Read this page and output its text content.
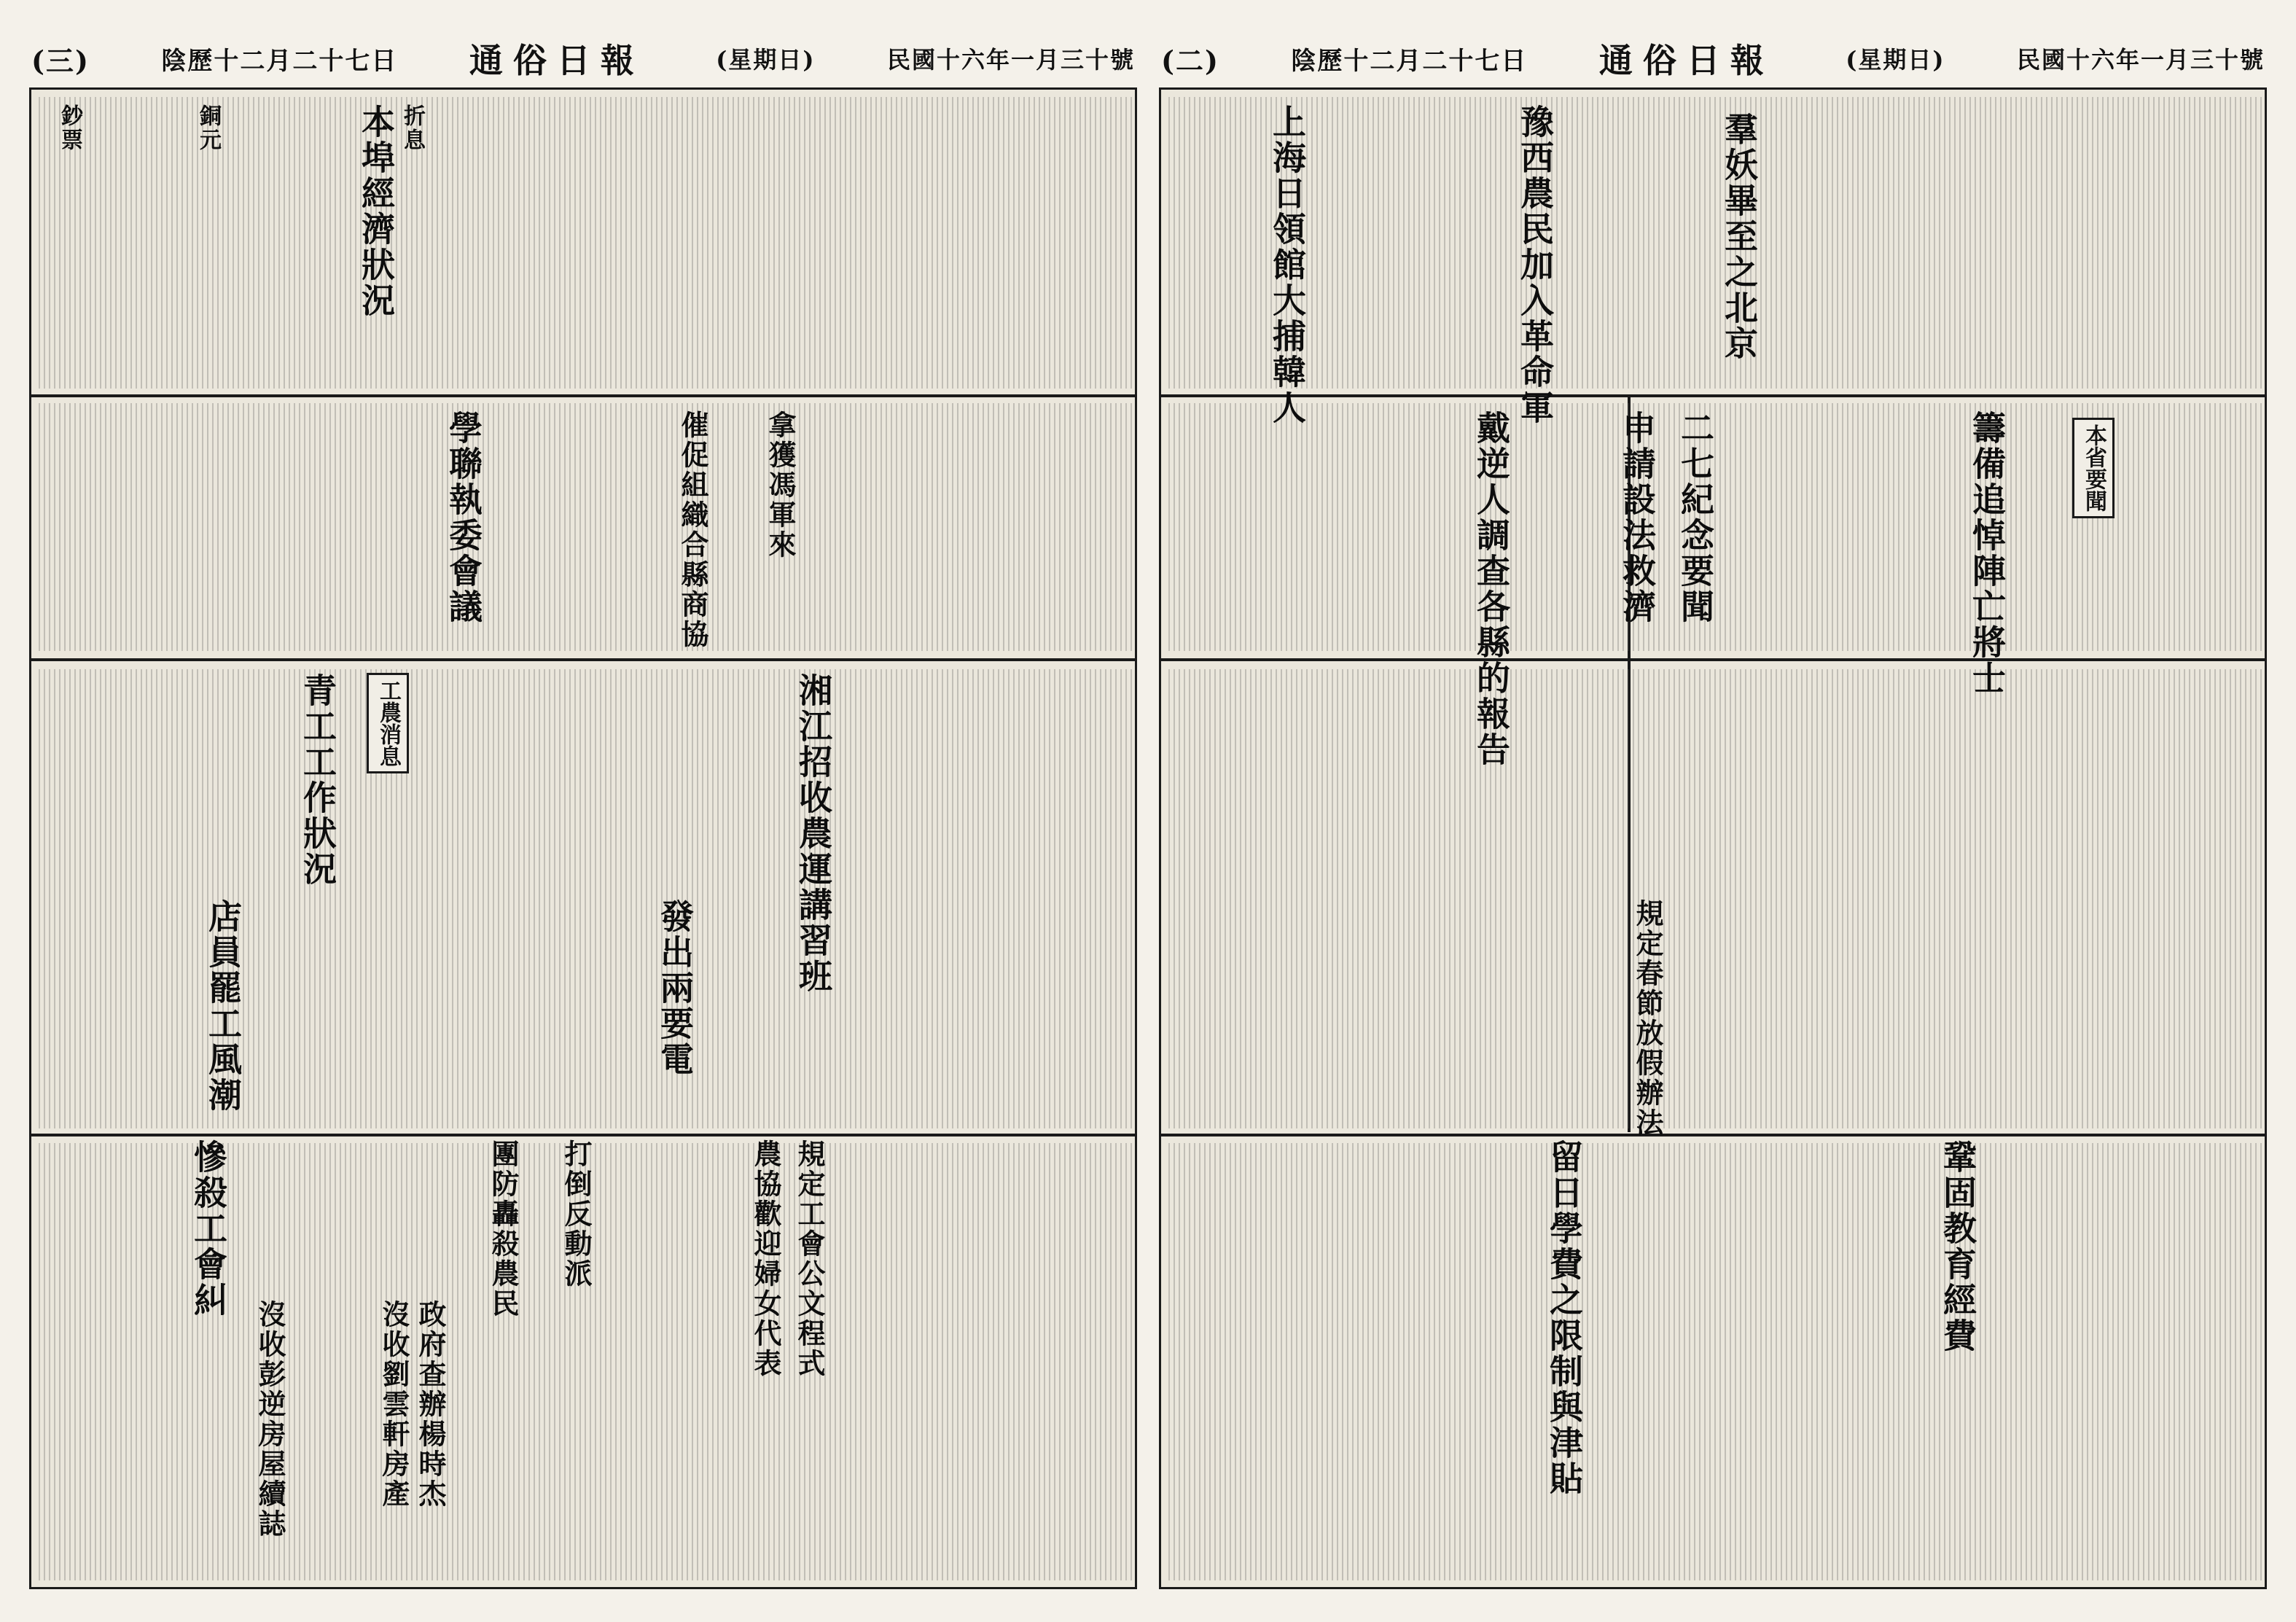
(三)	陰歷十二月二十七日 通俗日報	(星期日)	民國十六年一月三十號
本埠經濟狀況
鈔票	銅元	折息
學聯執委會議	拿獲馮軍來
催促組織合縣商協
湘江招收農運講習班
青工工作狀況	工農消息
店員罷工風潮	發出兩要電
打倒反動派
團防轟殺農民
慘殺工會糾	規定工會公文程式
農協歡迎婦女代表
政府查辦楊時杰
沒收劉雲軒房產
沒收彭逆房屋續誌
(二)	陰歷十二月二十七日 通俗日報	(星期日)	民國十六年一月三十號
羣妖畢至之北京
豫西農民加入革命軍
上海日領館大捕韓人
戴逆人調查各縣的報告	二七紀念要聞
申請設法救濟	籌備追悼陣亡將士	本省要聞
規定春節放假辦法
留日學費之限制與津貼	鞏固教育經費
